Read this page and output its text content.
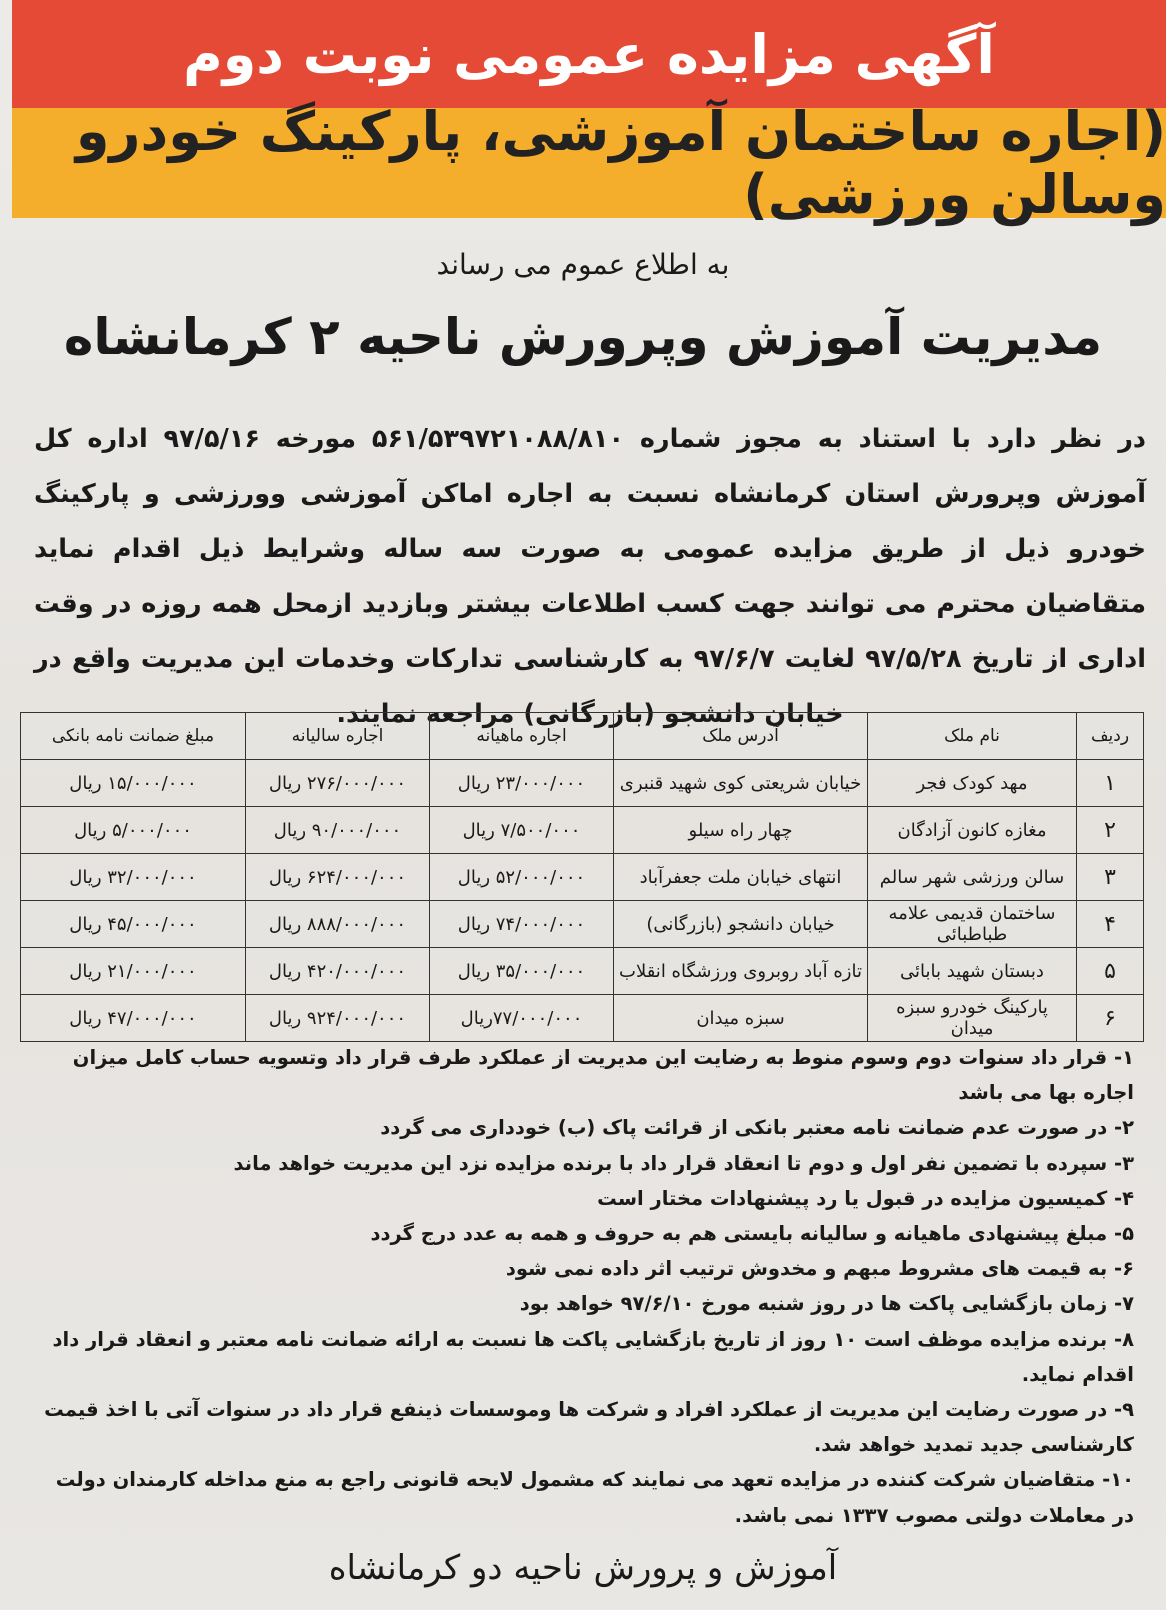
آگهی مزایده عمومی نوبت دوم
(اجاره ساختمان آموزشی، پارکینگ خودرو وسالن ورزشی)
به اطلاع عموم می رساند
مدیریت آموزش وپرورش ناحیه ۲ کرمانشاه
در نظر دارد با استناد به مجوز شماره ۵۶۱/۵۳۹۷۲۱۰۸۸/۸۱۰ مورخه ۹۷/۵/۱۶ اداره کل آموزش وپرورش استان کرمانشاه نسبت به اجاره اماکن آموزشی وورزشی و پارکینگ خودرو ذیل از طریق مزایده عمومی به صورت سه ساله وشرایط ذیل اقدام نماید متقاضیان محترم می توانند جهت کسب اطلاعات بیشتر وبازدید ازمحل همه روزه در وقت اداری از تاریخ ۹۷/۵/۲۸ لغایت ۹۷/۶/۷ به کارشناسی تدارکات وخدمات این مدیریت واقع در خیابان دانشجو (بازرگانی) مراجعه نمایند.
ردیف	نام ملک	آدرس ملک	اجاره ماهیانه	اجاره سالیانه	مبلغ ضمانت نامه بانکی
۱	مهد کودک فجر	خیابان شریعتی کوی شهید قنبری	۲۳/۰۰۰/۰۰۰ ریال	۲۷۶/۰۰۰/۰۰۰ ریال	۱۵/۰۰۰/۰۰۰ ریال
۲	مغازه کانون آزادگان	چهار راه سیلو	۷/۵۰۰/۰۰۰ ریال	۹۰/۰۰۰/۰۰۰ ریال	۵/۰۰۰/۰۰۰ ریال
۳	سالن ورزشی شهر سالم	انتهای خیابان ملت جعفرآباد	۵۲/۰۰۰/۰۰۰ ریال	۶۲۴/۰۰۰/۰۰۰ ریال	۳۲/۰۰۰/۰۰۰ ریال
۴	ساختمان قدیمی علامه طباطبائی	خیابان دانشجو (بازرگانی)	۷۴/۰۰۰/۰۰۰ ریال	۸۸۸/۰۰۰/۰۰۰ ریال	۴۵/۰۰۰/۰۰۰ ریال
۵	دبستان شهید بابائی	تازه آباد روبروی ورزشگاه انقلاب	۳۵/۰۰۰/۰۰۰ ریال	۴۲۰/۰۰۰/۰۰۰ ریال	۲۱/۰۰۰/۰۰۰ ریال
۶	پارکینگ خودرو سبزه میدان	سبزه میدان	۷۷/۰۰۰/۰۰۰ریال	۹۲۴/۰۰۰/۰۰۰ ریال	۴۷/۰۰۰/۰۰۰ ریال
۱- قرار داد سنوات دوم وسوم منوط به رضایت این مدیریت از عملکرد طرف قرار داد وتسویه حساب کامل میزان اجاره بها می باشد
۲- در صورت عدم ضمانت نامه معتبر بانکی از قرائت پاک (ب) خودداری می گردد
۳- سپرده با تضمین نفر اول و دوم تا انعقاد قرار داد با برنده مزایده نزد این مدیریت خواهد ماند
۴- کمیسیون مزایده در قبول یا رد پیشنهادات مختار است
۵- مبلغ پیشنهادی ماهیانه و سالیانه بایستی هم به حروف و همه به عدد درج گردد
۶- به قیمت های مشروط مبهم و مخدوش ترتیب اثر داده نمی شود
۷- زمان بازگشایی پاکت ها در روز شنبه مورخ ۹۷/۶/۱۰ خواهد بود
۸- برنده مزایده موظف است ۱۰ روز از تاریخ بازگشایی پاکت ها نسبت به ارائه ضمانت نامه معتبر و انعقاد قرار داد اقدام نماید.
۹- در صورت رضایت این مدیریت از عملکرد افراد و شرکت ها وموسسات ذینفع قرار داد در سنوات آتی با اخذ قیمت کارشناسی جدید تمدید خواهد شد.
۱۰- متقاضیان شرکت کننده در مزایده تعهد می نمایند که مشمول لایحه قانونی راجع به منع مداخله کارمندان دولت در معاملات دولتی مصوب ۱۳۳۷ نمی باشد.
آموزش و پرورش ناحیه دو کرمانشاه
